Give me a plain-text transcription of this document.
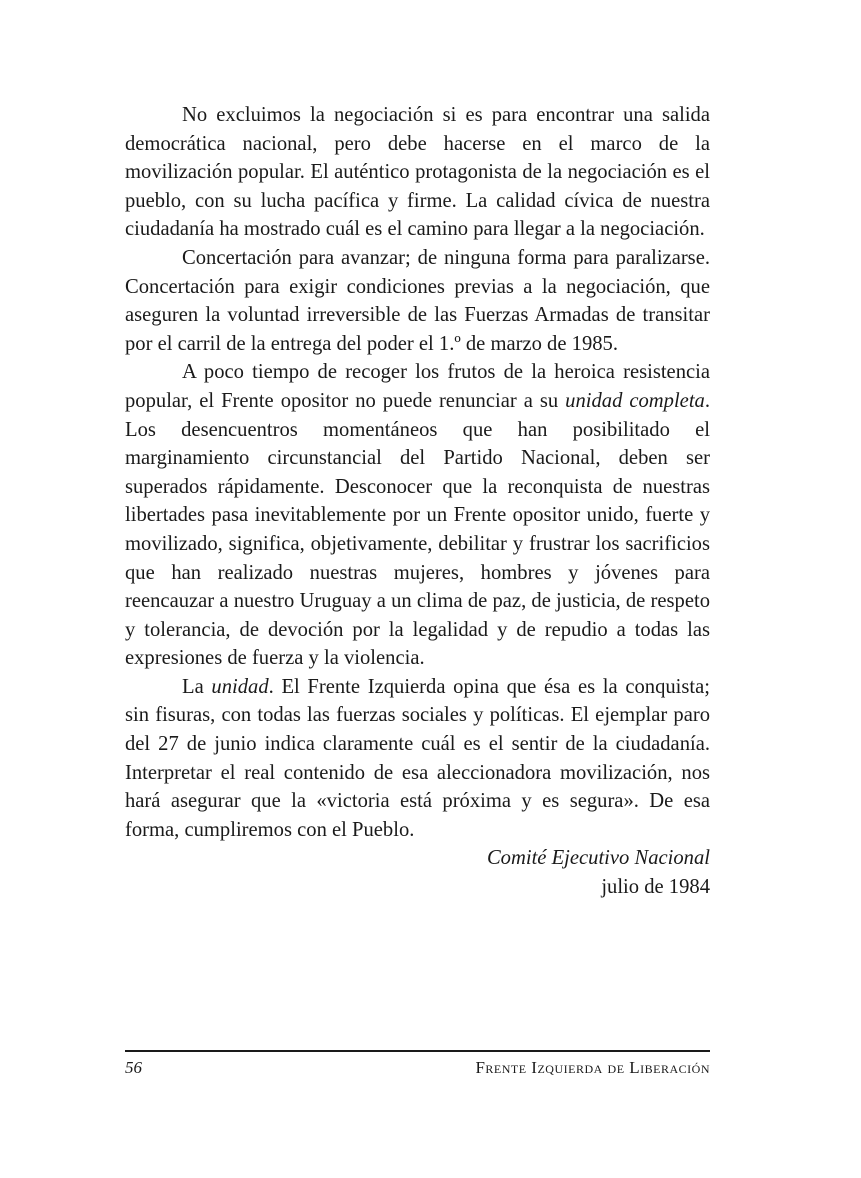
No excluimos la negociación si es para encontrar una salida democrática nacional, pero debe hacerse en el marco de la movilización popular. El auténtico protagonista de la negociación es el pueblo, con su lucha pacífica y firme. La calidad cívica de nuestra ciudadanía ha mostrado cuál es el camino para llegar a la negociación.

Concertación para avanzar; de ninguna forma para paralizarse. Concertación para exigir condiciones previas a la negociación, que aseguren la voluntad irreversible de las Fuerzas Armadas de transitar por el carril de la entrega del poder el 1.º de marzo de 1985.

A poco tiempo de recoger los frutos de la heroica resistencia popular, el Frente opositor no puede renunciar a su unidad completa. Los desencuentros momentáneos que han posibilitado el marginamiento circunstancial del Partido Nacional, deben ser superados rápidamente. Desconocer que la reconquista de nuestras libertades pasa inevitablemente por un Frente opositor unido, fuerte y movilizado, significa, objetivamente, debilitar y frustrar los sacrificios que han realizado nuestras mujeres, hombres y jóvenes para reencauzar a nuestro Uruguay a un clima de paz, de justicia, de respeto y tolerancia, de devoción por la legalidad y de repudio a todas las expresiones de fuerza y la violencia.

La unidad. El Frente Izquierda opina que ésa es la conquista; sin fisuras, con todas las fuerzas sociales y políticas. El ejemplar paro del 27 de junio indica claramente cuál es el sentir de la ciudadanía. Interpretar el real contenido de esa aleccionadora movilización, nos hará asegurar que la «victoria está próxima y es segura». De esa forma, cumpliremos con el Pueblo.

Comité Ejecutivo Nacional

julio de 1984

56	Frente Izquierda de Liberación
